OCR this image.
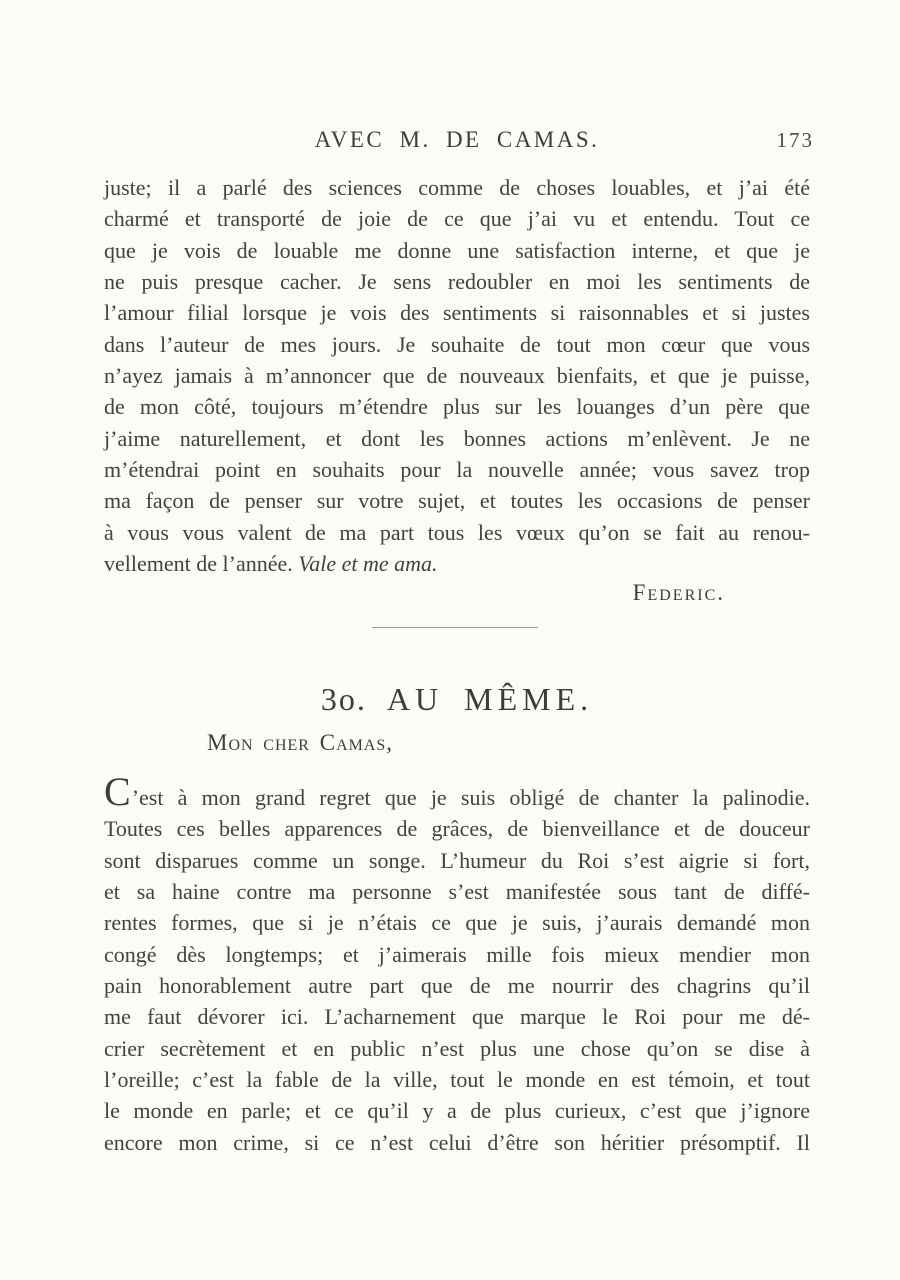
AVEC M. DE CAMAS.	173
juste; il a parlé des sciences comme de choses louables, et j’ai été
charmé et transporté de joie de ce que j’ai vu et entendu. Tout ce
que je vois de louable me donne une satisfaction interne, et que je
ne puis presque cacher. Je sens redoubler en moi les sentiments de
l’amour filial lorsque je vois des sentiments si raisonnables et si justes
dans l’auteur de mes jours. Je souhaite de tout mon cœur que vous
n’ayez jamais à m’annoncer que de nouveaux bienfaits, et que je puisse,
de mon côté, toujours m’étendre plus sur les louanges d’un père que
j’aime naturellement, et dont les bonnes actions m’enlèvent. Je ne
m’étendrai point en souhaits pour la nouvelle année; vous savez trop
ma façon de penser sur votre sujet, et toutes les occasions de penser
à vous vous valent de ma part tous les vœux qu’on se fait au renou-
vellement de l’année. Vale et me ama.
Federic.
3o. AU MÊME.
Mon cher Camas,
C’est à mon grand regret que je suis obligé de chanter la palinodie.
Toutes ces belles apparences de grâces, de bienveillance et de douceur
sont disparues comme un songe. L’humeur du Roi s’est aigrie si fort,
et sa haine contre ma personne s’est manifestée sous tant de diffé-
rentes formes, que si je n’étais ce que je suis, j’aurais demandé mon
congé dès longtemps; et j’aimerais mille fois mieux mendier mon
pain honorablement autre part que de me nourrir des chagrins qu’il
me faut dévorer ici. L’acharnement que marque le Roi pour me dé-
crier secrètement et en public n’est plus une chose qu’on se dise à
l’oreille; c’est la fable de la ville, tout le monde en est témoin, et tout
le monde en parle; et ce qu’il y a de plus curieux, c’est que j’ignore
encore mon crime, si ce n’est celui d’être son héritier présomptif. Il
